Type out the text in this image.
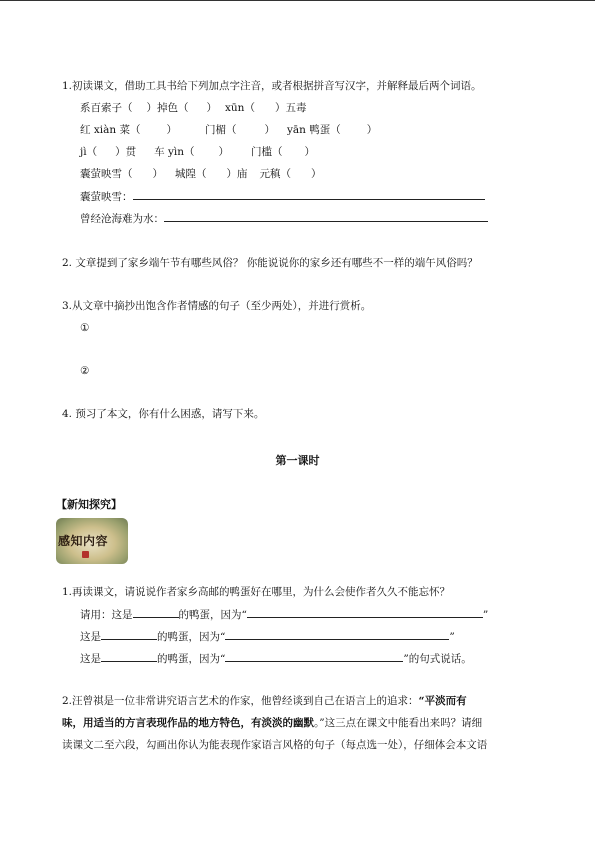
1.初读课文，借助工具书给下列加点字注音，或者根据拼音写汉字，并解释最后两个词语。
系百索子（ ）掉色（ ） xūn（ ）五毒
红 xiàn 菜（ ）	门楣（	） yān 鸭蛋（ ）
jì（ ）贯 车 yìn（ ） 门槛（ ）
囊萤映雪（ ） 城隍（ ）庙 元稹（ ）
囊萤映雪：
曾经沧海难为水：
2. 文章提到了家乡端午节有哪些风俗？ 你能说说你的家乡还有哪些不一样的端午风俗吗？
3.从文章中摘抄出饱含作者情感的句子（至少两处），并进行赏析。
①
②
4. 预习了本文，你有什么困惑，请写下来。
第一课时
【新知探究】
感知内容
1.再读课文，请说说作者家乡高邮的鸭蛋好在哪里，为什么会使作者久久不能忘怀？
请用：这是	的鸭蛋，因为“	”
这是	的鸭蛋，因为“	”
这是	的鸭蛋，因为“	”的句式说话。
2.汪曾祺是一位非常讲究语言艺术的作家，他曾经谈到自己在语言上的追求：“平淡而有
味，用适当的方言表现作品的地方特色，有淡淡的幽默。”这三点在课文中能看出来吗？请细
读课文二至六段，勾画出你认为能表现作家语言风格的句子（每点选一处），仔细体会本文语
